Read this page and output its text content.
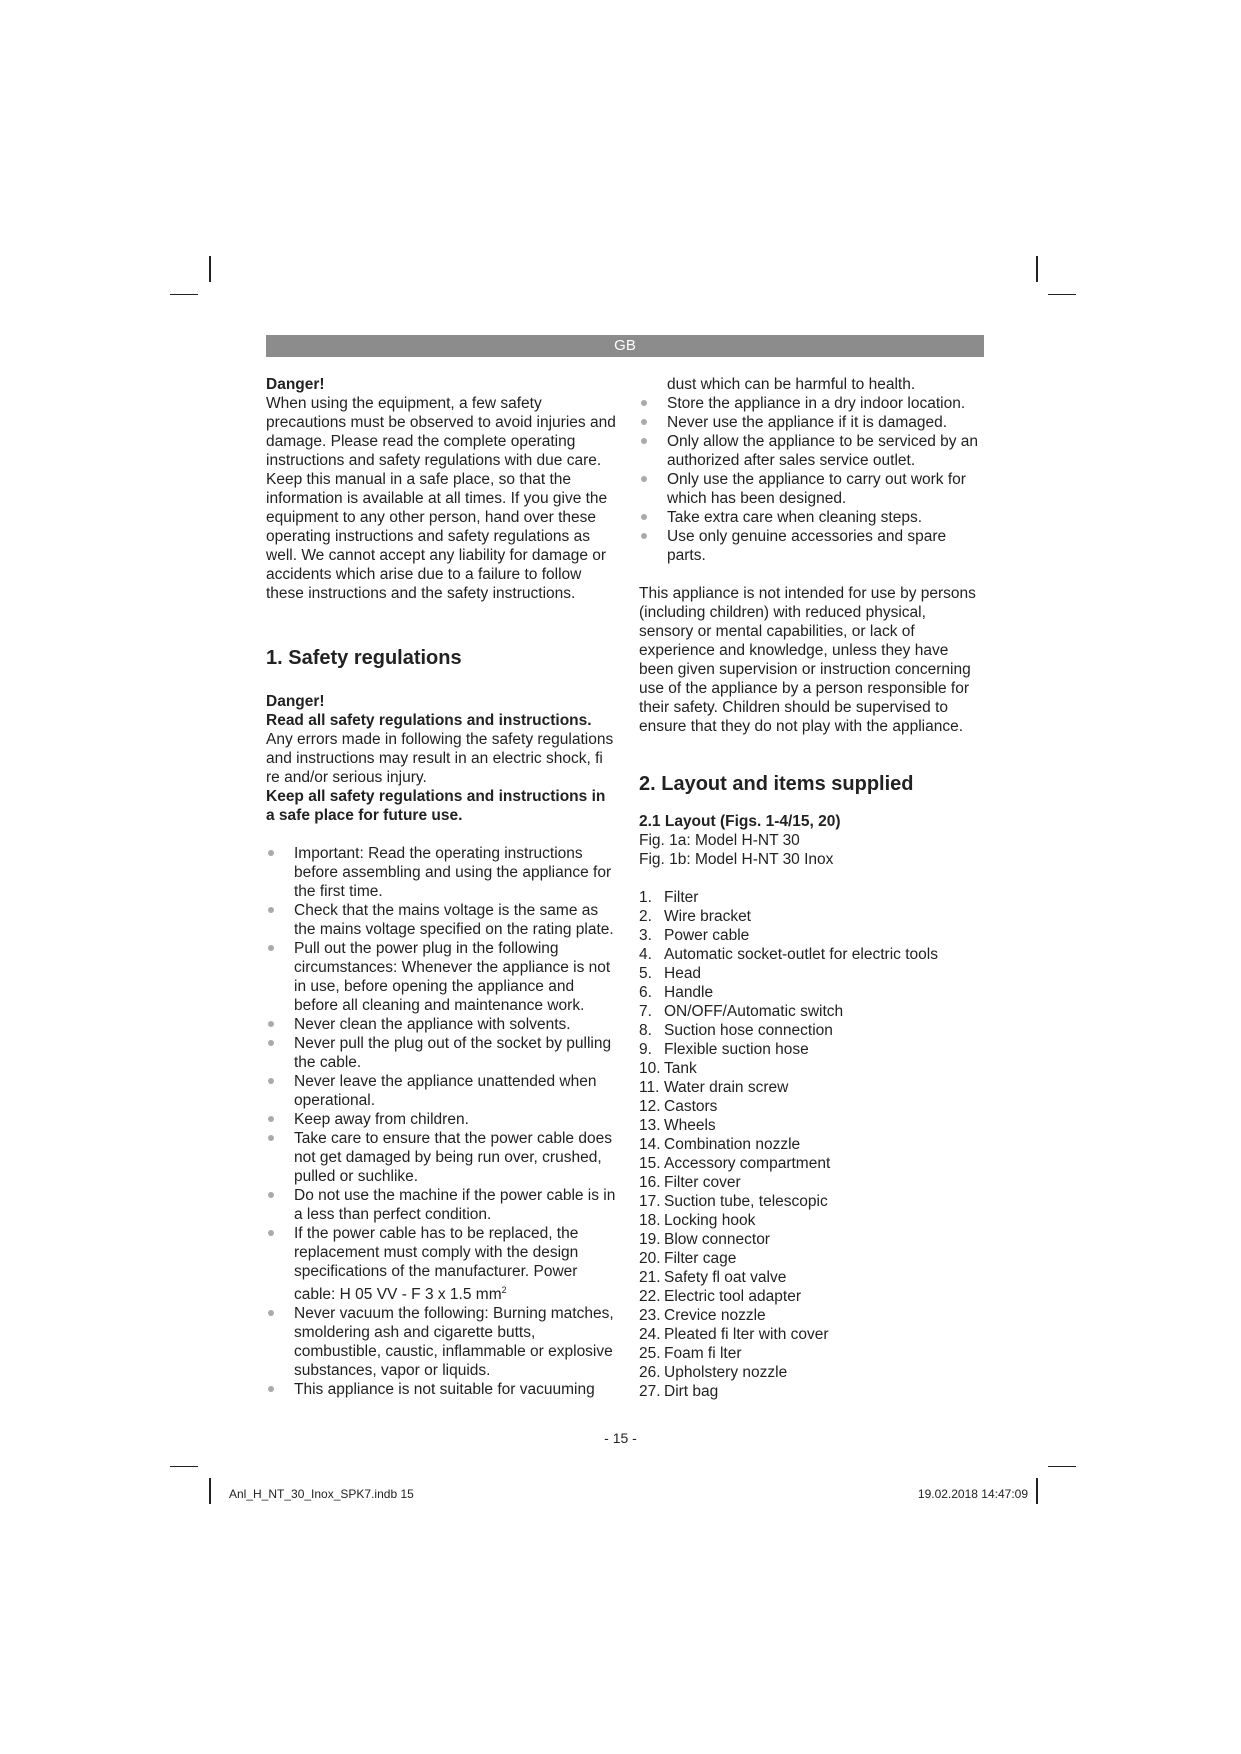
GB

Danger!

When using the equipment, a few safety precautions must be observed to avoid injuries and damage. Please read the complete operating instructions and safety regulations with due care. Keep this manual in a safe place, so that the information is available at all times. If you give the equipment to any other person, hand over these operating instructions and safety regulations as well. We cannot accept any liability for damage or accidents which arise due to a failure to follow these instructions and the safety instructions.

1. Safety regulations

Danger!

Read all safety regulations and instructions.

Any errors made in following the safety regulations and instructions may result in an electric shock, fi re and/or serious injury.

Keep all safety regulations and instructions in a safe place for future use.

Important: Read the operating instructions before assembling and using the appliance for the first time.
Check that the mains voltage is the same as the mains voltage specified on the rating plate.
Pull out the power plug in the following circumstances: Whenever the appliance is not in use, before opening the appliance and before all cleaning and maintenance work.
Never clean the appliance with solvents.
Never pull the plug out of the socket by pulling the cable.
Never leave the appliance unattended when operational.
Keep away from children.
Take care to ensure that the power cable does not get damaged by being run over, crushed, pulled or suchlike.
Do not use the machine if the power cable is in a less than perfect condition.
If the power cable has to be replaced, the replacement must comply with the design specifications of the manufacturer. Power cable: H 05 VV - F 3 x 1.5 $mm^2$
Never vacuum the following: Burning matches, smoldering ash and cigarette butts, combustible, caustic, inflammable or explosive substances, vapor or liquids.
This appliance is not suitable for vacuuming

dust which can be harmful to health.

Store the appliance in a dry indoor location.
Never use the appliance if it is damaged.
Only allow the appliance to be serviced by an authorized after sales service outlet.
Only use the appliance to carry out work for which has been designed.
Take extra care when cleaning steps.
Use only genuine accessories and spare parts.

This appliance is not intended for use by persons (including children) with reduced physical, sensory or mental capabilities, or lack of experience and knowledge, unless they have been given supervision or instruction concerning use of the appliance by a person responsible for their safety. Children should be supervised to ensure that they do not play with the appliance.

2. Layout and items supplied

2.1 Layout (Figs. 1-4/15, 20)

Fig. 1a: Model H-NT 30

Fig. 1b: Model H-NT 30 Inox

1. Filter
2. Wire bracket
3. Power cable
4. Automatic socket-outlet for electric tools
5. Head
6. Handle
7. ON/OFF/Automatic switch
8. Suction hose connection
9. Flexible suction hose
10. Tank
11. Water drain screw
12. Castors
13. Wheels
14. Combination nozzle
15. Accessory compartment
16. Filter cover
17. Suction tube, telescopic
18. Locking hook
19. Blow connector
20. Filter cage
21. Safety fl oat valve
22. Electric tool adapter
23. Crevice nozzle
24. Pleated fi lter with cover
25. Foam fi lter
26. Upholstery nozzle
27. Dirt bag
- 15 -
Anl_H_NT_30_Inox_SPK7.indb 15	19.02.2018 14:47:09
